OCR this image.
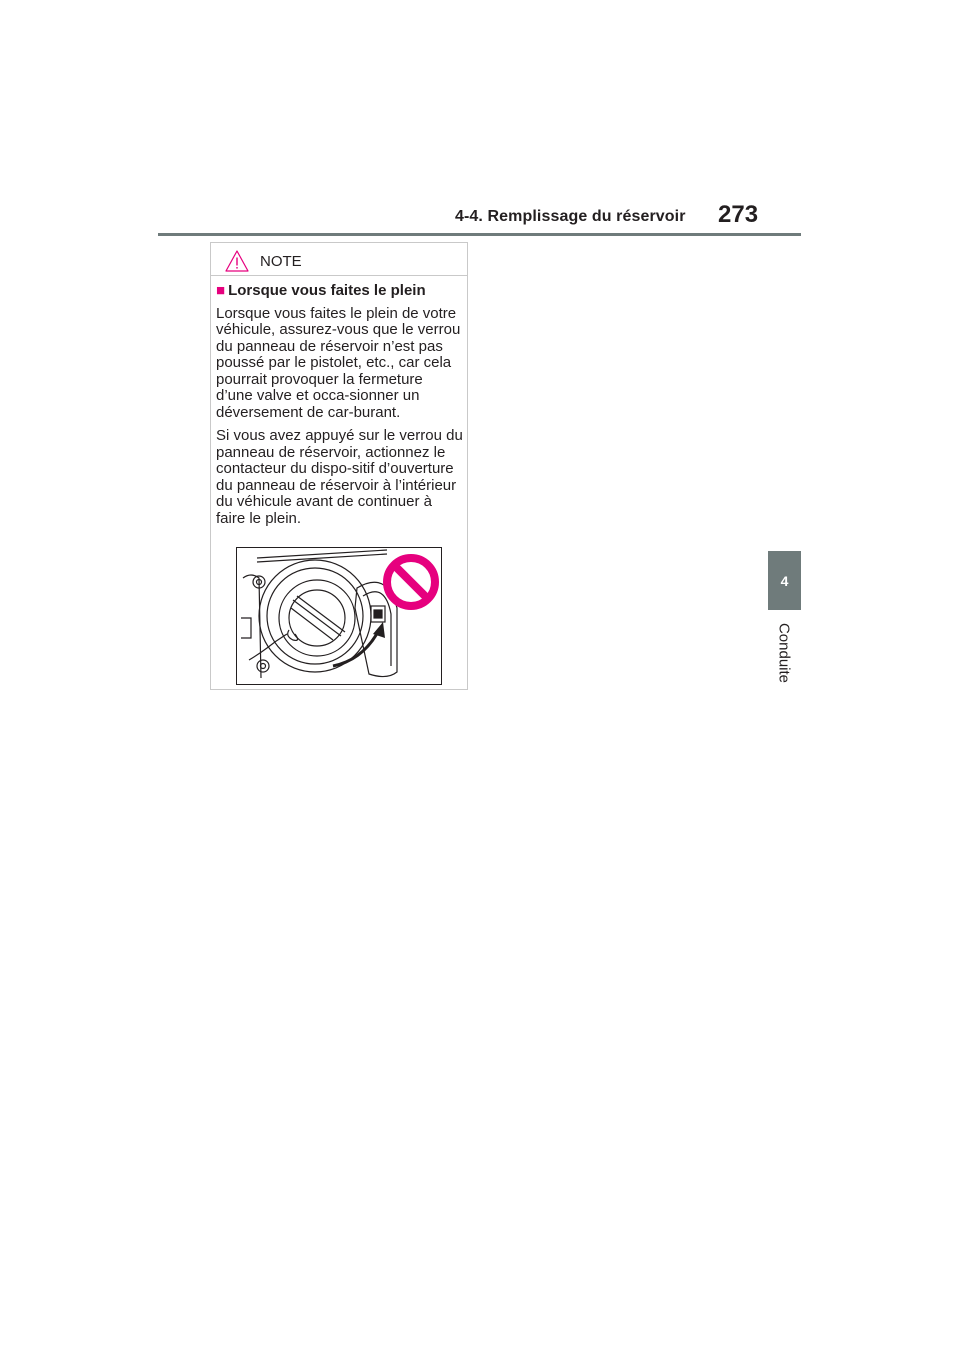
4-4. Remplissage du réservoir 273
4
Conduite
NOTE
■ Lorsque vous faites le plein

Lorsque vous faites le plein de votre véhicule, assurez-vous que le verrou du panneau de réservoir n’est pas poussé par le pistolet, etc., car cela pourrait provoquer la fermeture d’une valve et occa-sionner un déversement de car-burant.

Si vous avez appuyé sur le verrou du panneau de réservoir, actionnez le contacteur du dispo-sitif d’ouverture du panneau de réservoir à l’intérieur du véhicule avant de continuer à faire le plein.
